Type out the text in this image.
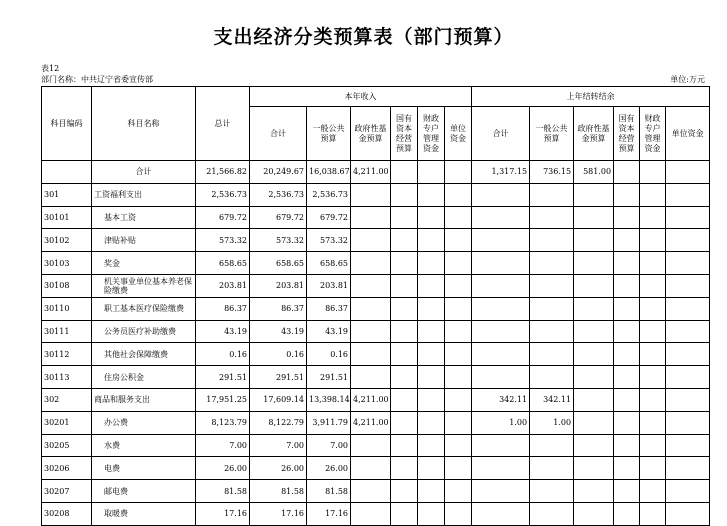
支出经济分类预算表（部门预算）
表12
部门名称：中共辽宁省委宣传部	单位:万元
科目编码	科目名称	总计	本年收入						上年结转结余					
			合计	一般公共预算	政府性基金预算	国有资本经营预算	财政专户管理资金	单位资金	合计	一般公共预算	政府性基金预算	国有资本经营预算	财政专户管理资金	单位资金
	合计	21,566.82	20,249.67	16,038.67	4,211.00				1,317.15	736.15	581.00			
301	工资福利支出	2,536.73	2,536.73	2,536.73										
30101	基本工资	679.72	679.72	679.72										
30102	津贴补贴	573.32	573.32	573.32										
30103	奖金	658.65	658.65	658.65										
30108	机关事业单位基本养老保险缴费	203.81	203.81	203.81										
30110	职工基本医疗保险缴费	86.37	86.37	86.37										
30111	公务员医疗补助缴费	43.19	43.19	43.19										
30112	其他社会保障缴费	0.16	0.16	0.16										
30113	住房公积金	291.51	291.51	291.51										
302	商品和服务支出	17,951.25	17,609.14	13,398.14	4,211.00				342.11	342.11				
30201	办公费	8,123.79	8,122.79	3,911.79	4,211.00				1.00	1.00				
30205	水费	7.00	7.00	7.00										
30206	电费	26.00	26.00	26.00										
30207	邮电费	81.58	81.58	81.58										
30208	取暖费	17.16	17.16	17.16										
